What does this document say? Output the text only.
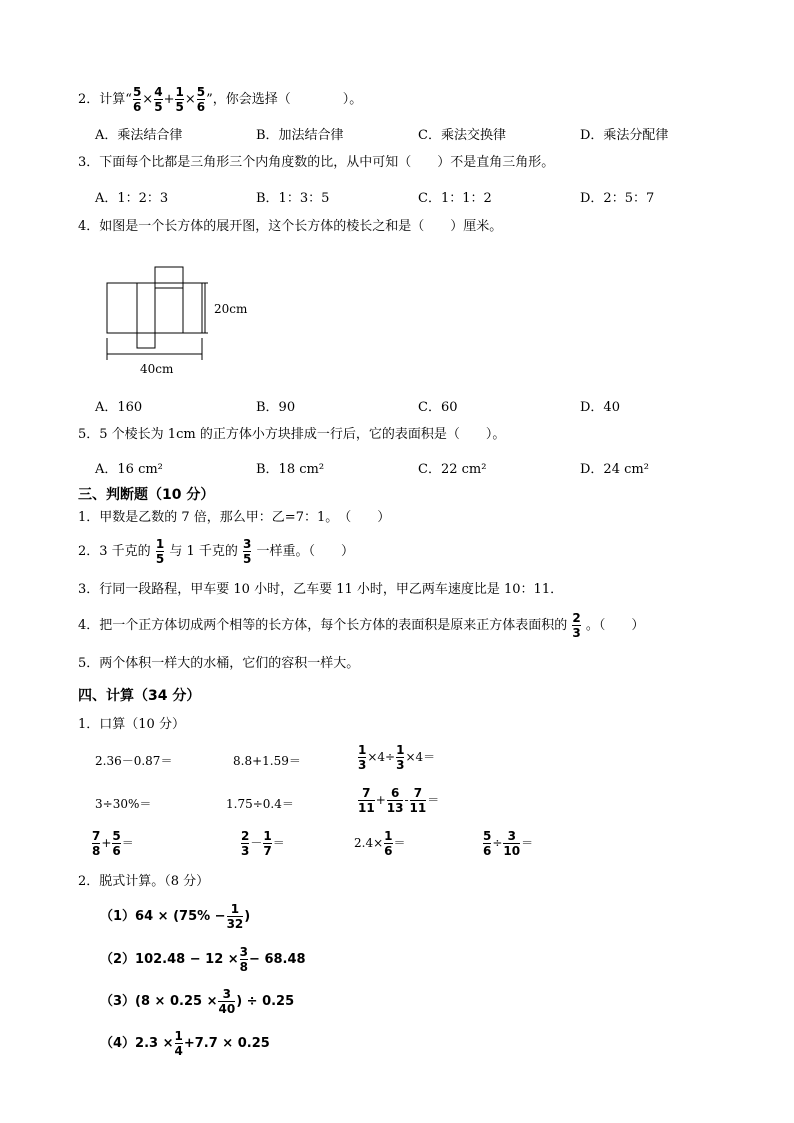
2．计算“ $\frac{5}{6} \times \frac{4}{5} + \frac{1}{5} \times \frac{5}{6}$ ”，你会选择（　　　　）。
A．乘法结合律	B．加法结合律	C．乘法交换律	D．乘法分配律
3．下面每个比都是三角形三个内角度数的比，从中可知（　　）不是直角三角形。
A．1：2：3	B．1：3：5	C．1：1：2	D．2：5：7
4．如图是一个长方体的展开图，这个长方体的棱长之和是（　　）厘米。
20cm
40cm
A．160	B．90	C．60	D．40
5．5 个棱长为 1cm 的正方体小方块排成一行后，它的表面积是（　　）。
A．16 cm²	B．18 cm²	C．22 cm²	D．24 cm²
三、判断题（10 分）
1．甲数是乙数的 7 倍，那么甲：乙=7：1。　（　　）
2．3 千克的 $\frac{1}{5}$ 与 1 千克的 $\frac{3}{5}$ 一样重。（　　）
3．行同一段路程，甲车要 10 小时，乙车要 11 小时，甲乙两车速度比是 10：11．
4．把一个正方体切成两个相等的长方体，每个长方体的表面积是原来正方体表面积的 $\frac{2}{3}$ 。（　　）
5．两个体积一样大的水桶，它们的容积一样大。
四、计算（34 分）
1．口算（10 分）
2.36－0.87＝	8.8+1.59＝	$\frac{1}{3} \times 4\div \frac{1}{3} \times 4=$
3÷30%＝	1.75÷0.4＝	$\frac{7}{11} + \frac{6}{13} - \frac{7}{11}$ ＝
$\frac{7}{8} + \frac{5}{6}$ ＝	$\frac{2}{3} - \frac{1}{7}$ ＝	$2.4\times \frac{1}{6}$ ＝	$\frac{5}{6} \div \frac{3}{10}$ ＝
2．脱式计算。（8 分）
$(1)64 \times (75\% - \frac{1}{32}$ )
$(2)102.48 - 12 \times \frac{3}{8} - 68.48$
$(3)(8 \times 0.25 \times \frac{3}{40}$ ) ÷ 0.25
$(4)2.3 \times \frac{1}{4} +7.7 \times 0.25$
